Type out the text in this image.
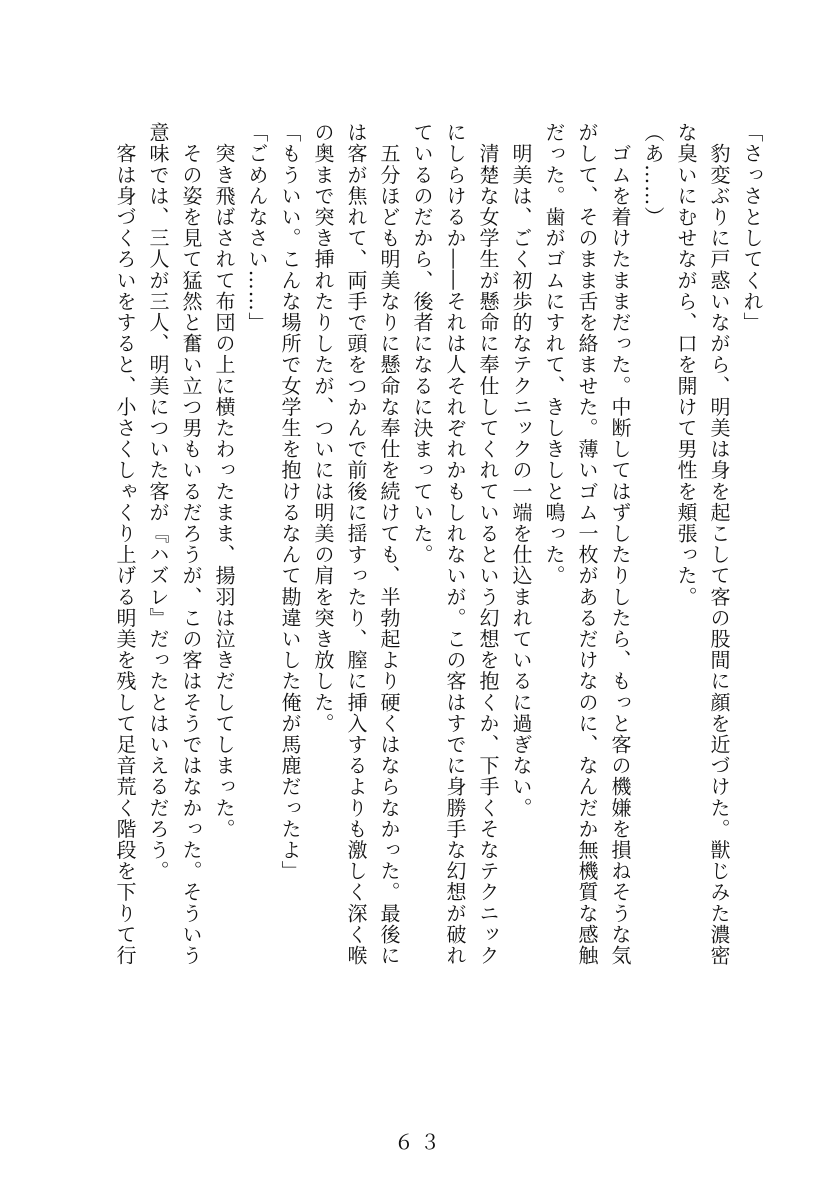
「さっさとしてくれ」
　豹変ぶりに戸惑いながら、明美は身を起こして客の股間に顔を近づけた。獣じみた濃密
な臭いにむせながら、口を開けて男性を頬張った。
（あ……）
　ゴムを着けたままだった。中断してはずしたりしたら、もっと客の機嫌を損ねそうな気
がして、そのまま舌を絡ませた。薄いゴム一枚があるだけなのに、なんだか無機質な感触
だった。歯がゴムにすれて、きしきしと鳴った。
　明美は、ごく初歩的なテクニックの一端を仕込まれているに過ぎない。
　清楚な女学生が懸命に奉仕してくれているという幻想を抱くか、下手くそなテクニック
にしらけるか――それは人それぞれかもしれないが。この客はすでに身勝手な幻想が破れ
ているのだから、後者になるに決まっていた。
　五分ほども明美なりに懸命な奉仕を続けても、半勃起より硬くはならなかった。最後に
は客が焦れて、両手で頭をつかんで前後に揺すったり、膣に挿入するよりも激しく深く喉
の奥まで突き挿れたりしたが、ついには明美の肩を突き放した。
「もういい。こんな場所で女学生を抱けるなんて勘違いした俺が馬鹿だったよ」
「ごめんなさい……」
　突き飛ばされて布団の上に横たわったまま、揚羽は泣きだしてしまった。
　その姿を見て猛然と奮い立つ男もいるだろうが、この客はそうではなかった。そういう
意味では、三人が三人、明美についた客が『ハズレ』だったとはいえるだろう。
　客は身づくろいをすると、小さくしゃくり上げる明美を残して足音荒く階段を下りて行
６３
